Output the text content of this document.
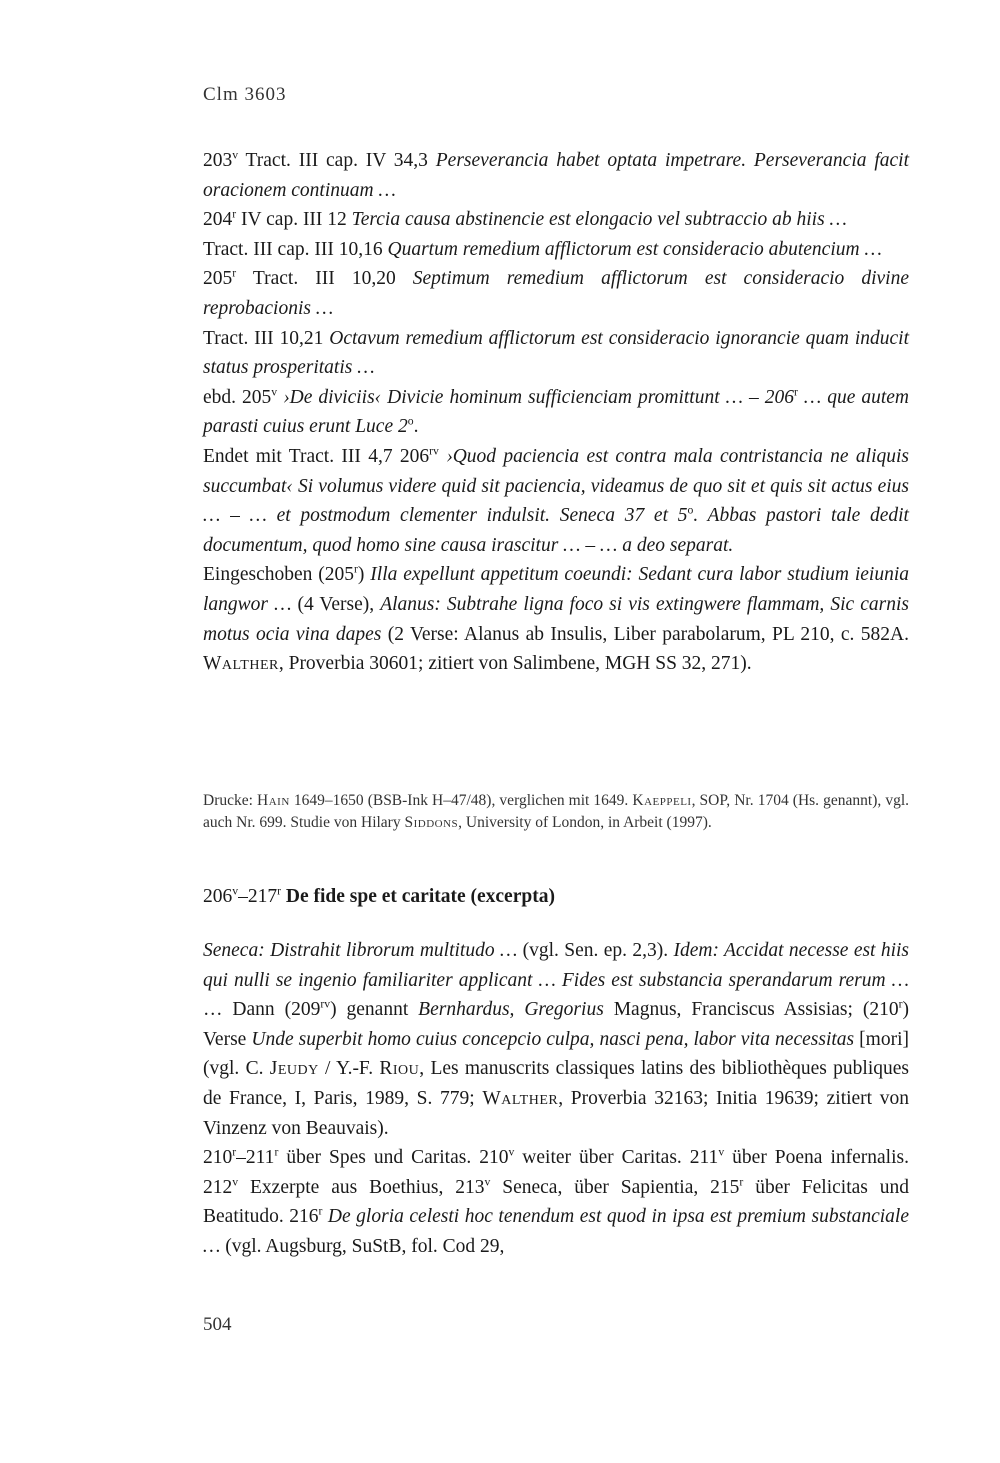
Clm 3603

203$^v$ Tract. III cap. IV 34,3 Perseverancia habet optata impetrare. Perseverancia facit oracionem continuam …

204$^r$ IV cap. III 12 Tercia causa abstinencie est elongacio vel subtraccio ab hiis …

Tract. III cap. III 10,16 Quartum remedium afflictorum est consideracio abutencium …

205$^r$ Tract. III 10,20 Septimum remedium afflictorum est consideracio divine reprobacionis …

Tract. III 10,21 Octavum remedium afflictorum est consideracio ignorancie quam inducit status prosperitatis …

ebd. 205$^v$ ›De diviciis‹ Divicie hominum sufficienciam promittunt … – 206$^r$ … que autem parasti cuius erunt Luce 2$^o$.

Endet mit Tract. III 4,7 $206^{rv}$ ›Quod paciencia est contra mala contristancia ne aliquis succumbat‹ Si volumus videre quid sit paciencia, videamus de quo sit et quis sit actus eius … – … et postmodum clementer indulsit. Seneca 37 et 5$^o$. Abbas pastori tale dedit documentum, quod homo sine causa irascitur … – … a deo separat.

Eingeschoben (205$^r$) Illa expellunt appetitum coeundi: Sedant cura labor studium ieiunia langwor … (4 Verse), Alanus: Subtrahe ligna foco si vis extingwere flammam, Sic carnis motus ocia vina dapes (2 Verse: Alanus ab Insulis, Liber parabolarum, PL 210, c. 582A. Walther, Proverbia 30601; zitiert von Salimbene, MGH SS 32, 271).

Drucke: Hain 1649–1650 (BSB-Ink H–47/48), verglichen mit 1649. Kaeppeli, SOP, Nr. 1704 (Hs. genannt), vgl. auch Nr. 699. Studie von Hilary Siddons, University of London, in Arbeit (1997).

206$^v$–217$^r$ De fide spe et caritate (excerpta)

Seneca: Distrahit librorum multitudo … (vgl. Sen. ep. 2,3). Idem: Accidat necesse est hiis qui nulli se ingenio familiariter applicant … Fides est substancia sperandarum rerum … … Dann $(209^{rv})$ genannt Bernhardus, Gregorius Magnus, Franciscus Assisias; (210$^r$) Verse Unde superbit homo cuius concepcio culpa, nasci pena, labor vita necessitas [mori] (vgl. C. Jeudy / Y.-F. Riou, Les manuscrits classiques latins des bibliothèques publiques de France, I, Paris, 1989, S. 779; Walther, Proverbia 32163; Initia 19639; zitiert von Vinzenz von Beauvais).

210$^r$–211$^r$ über Spes und Caritas. 210$^v$ weiter über Caritas. 211$^v$ über Poena infernalis. 212$^v$ Exzerpte aus Boethius, 213$^v$ Seneca, über Sapientia, 215$^r$ über Felicitas und Beatitudo. 216$^r$ De gloria celesti hoc tenendum est quod in ipsa est premium substanciale … (vgl. Augsburg, SuStB, fol. Cod 29,

504
